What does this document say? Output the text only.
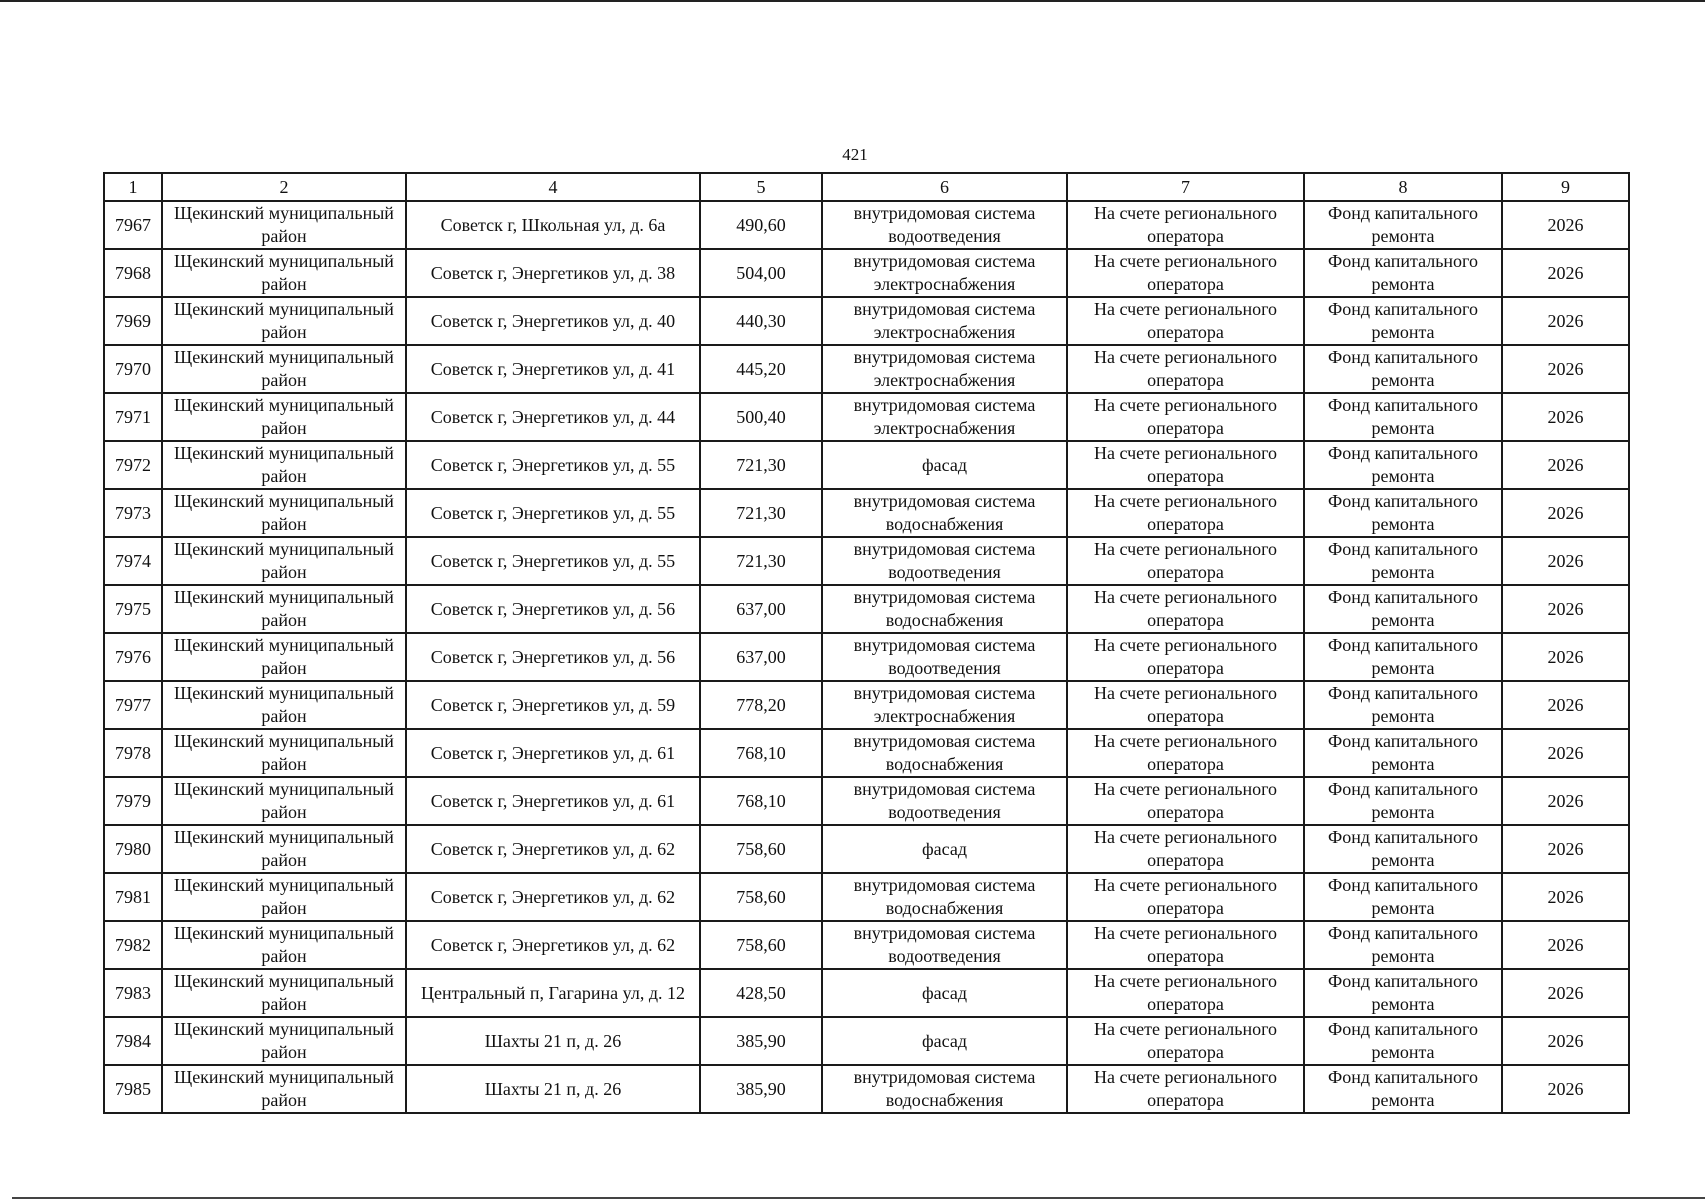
421
1	2	4	5	6	7	8	9
7967	Щекинский муниципальный район	Советск г, Школьная ул, д. 6а	490,60	внутридомовая система водоотведения	На счете регионального оператора	Фонд капитального ремонта	2026
7968	Щекинский муниципальный район	Советск г, Энергетиков ул, д. 38	504,00	внутридомовая система электроснабжения	На счете регионального оператора	Фонд капитального ремонта	2026
7969	Щекинский муниципальный район	Советск г, Энергетиков ул, д. 40	440,30	внутридомовая система электроснабжения	На счете регионального оператора	Фонд капитального ремонта	2026
7970	Щекинский муниципальный район	Советск г, Энергетиков ул, д. 41	445,20	внутридомовая система электроснабжения	На счете регионального оператора	Фонд капитального ремонта	2026
7971	Щекинский муниципальный район	Советск г, Энергетиков ул, д. 44	500,40	внутридомовая система электроснабжения	На счете регионального оператора	Фонд капитального ремонта	2026
7972	Щекинский муниципальный район	Советск г, Энергетиков ул, д. 55	721,30	фасад	На счете регионального оператора	Фонд капитального ремонта	2026
7973	Щекинский муниципальный район	Советск г, Энергетиков ул, д. 55	721,30	внутридомовая система водоснабжения	На счете регионального оператора	Фонд капитального ремонта	2026
7974	Щекинский муниципальный район	Советск г, Энергетиков ул, д. 55	721,30	внутридомовая система водоотведения	На счете регионального оператора	Фонд капитального ремонта	2026
7975	Щекинский муниципальный район	Советск г, Энергетиков ул, д. 56	637,00	внутридомовая система водоснабжения	На счете регионального оператора	Фонд капитального ремонта	2026
7976	Щекинский муниципальный район	Советск г, Энергетиков ул, д. 56	637,00	внутридомовая система водоотведения	На счете регионального оператора	Фонд капитального ремонта	2026
7977	Щекинский муниципальный район	Советск г, Энергетиков ул, д. 59	778,20	внутридомовая система электроснабжения	На счете регионального оператора	Фонд капитального ремонта	2026
7978	Щекинский муниципальный район	Советск г, Энергетиков ул, д. 61	768,10	внутридомовая система водоснабжения	На счете регионального оператора	Фонд капитального ремонта	2026
7979	Щекинский муниципальный район	Советск г, Энергетиков ул, д. 61	768,10	внутридомовая система водоотведения	На счете регионального оператора	Фонд капитального ремонта	2026
7980	Щекинский муниципальный район	Советск г, Энергетиков ул, д. 62	758,60	фасад	На счете регионального оператора	Фонд капитального ремонта	2026
7981	Щекинский муниципальный район	Советск г, Энергетиков ул, д. 62	758,60	внутридомовая система водоснабжения	На счете регионального оператора	Фонд капитального ремонта	2026
7982	Щекинский муниципальный район	Советск г, Энергетиков ул, д. 62	758,60	внутридомовая система водоотведения	На счете регионального оператора	Фонд капитального ремонта	2026
7983	Щекинский муниципальный район	Центральный п, Гагарина ул, д. 12	428,50	фасад	На счете регионального оператора	Фонд капитального ремонта	2026
7984	Щекинский муниципальный район	Шахты 21 п, д. 26	385,90	фасад	На счете регионального оператора	Фонд капитального ремонта	2026
7985	Щекинский муниципальный район	Шахты 21 п, д. 26	385,90	внутридомовая система водоснабжения	На счете регионального оператора	Фонд капитального ремонта	2026
